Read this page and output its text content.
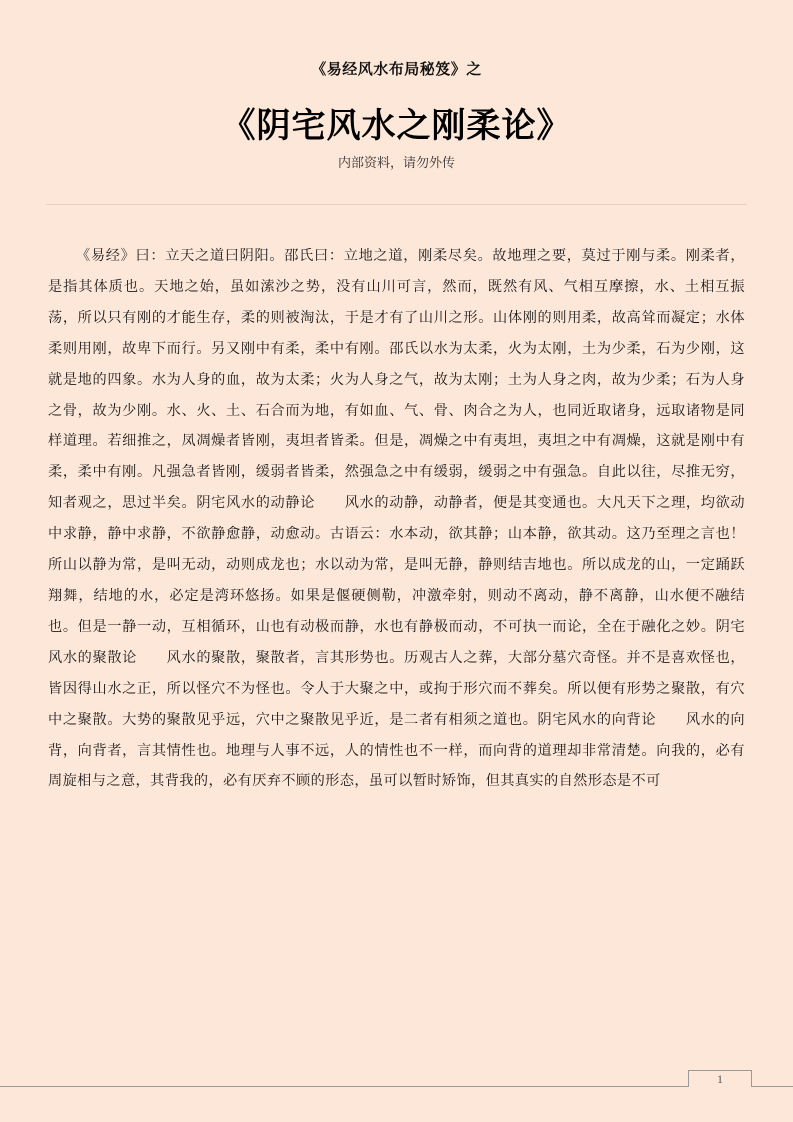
《易经风水布局秘笈》之
《阴宅风水之刚柔论》
内部资料，请勿外传

《易经》曰：立天之道曰阴阳。邵氏曰：立地之道，刚柔尽矣。故地理之要，莫过于刚与柔。刚柔者，是指其体质也。天地之始，虽如溹沙之势，没有山川可言，然而，既然有风、气相互摩擦，水、土相互振荡，所以只有刚的才能生存，柔的则被淘汰，于是才有了山川之形。山体刚的则用柔，故高耸而凝定；水体柔则用刚，故卑下而行。另又刚中有柔，柔中有刚。邵氏以水为太柔，火为太刚，土为少柔，石为少刚，这就是地的四象。水为人身的血，故为太柔；火为人身之气，故为太刚；土为人身之肉，故为少柔；石为人身之骨，故为少刚。水、火、土、石合而为地，有如血、气、骨、肉合之为人，也同近取诸身，远取诸物是同样道理。若细推之，凤凋燥者皆刚，夷坦者皆柔。但是，凋燥之中有夷坦，夷坦之中有凋燥，这就是刚中有柔，柔中有刚。凡强急者皆刚，缓弱者皆柔，然强急之中有缓弱，缓弱之中有强急。自此以往，尽推无穷，知者观之，思过半矣。阴宅风水的动静论　　风水的动静，动静者，便是其变通也。大凡天下之理，均欲动中求静，静中求静，不欲静愈静，动愈动。古语云：水本动，欲其静；山本静，欲其动。这乃至理之言也！所山以静为常，是叫无动，动则成龙也；水以动为常，是叫无静，静则结吉地也。所以成龙的山，一定踊跃翔舞，结地的水，必定是湾环悠扬。如果是偃硬侧勒，冲激牵射，则动不离动，静不离静，山水便不融结也。但是一静一动，互相循环，山也有动极而静，水也有静极而动，不可执一而论，全在于融化之妙。阴宅风水的聚散论　　风水的聚散，聚散者，言其形势也。历观古人之葬，大部分墓穴奇怪。并不是喜欢怪也，皆因得山水之正，所以怪穴不为怪也。令人于大聚之中，或拘于形穴而不葬矣。所以便有形势之聚散，有穴中之聚散。大势的聚散见乎远，穴中之聚散见乎近，是二者有相须之道也。阴宅风水的向背论　　风水的向背，向背者，言其情性也。地理与人事不远，人的情性也不一样，而向背的道理却非常清楚。向我的，必有周旋相与之意，其背我的，必有厌弃不顾的形态，虽可以暂时矫饰，但其真实的自然形态是不可

1
